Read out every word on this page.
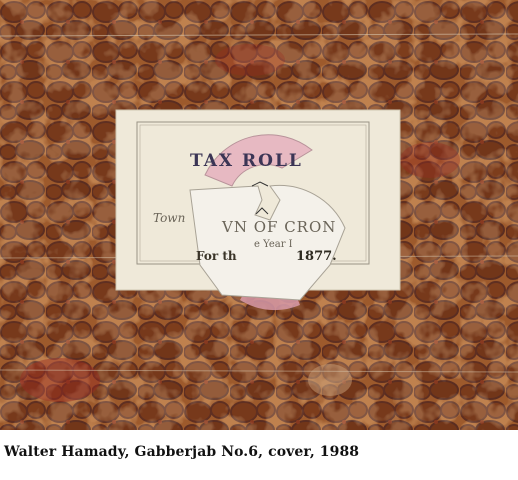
TAX ROLL
Town VN OF CRON
For th
e Year I
1877.
Walter Hamady, Gabberjab No.6, cover, 1988
